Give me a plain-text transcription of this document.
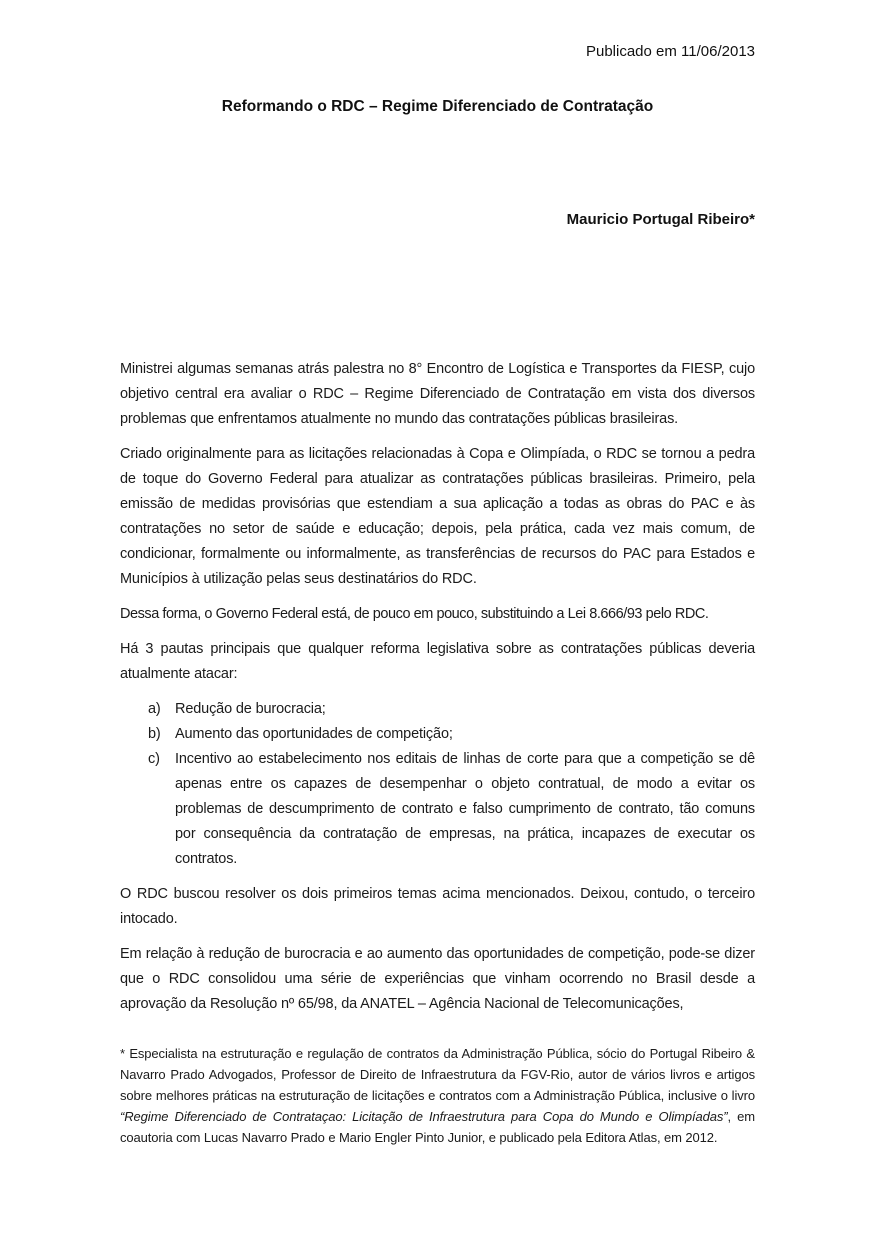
Publicado em 11/06/2013
Reformando o RDC – Regime Diferenciado de Contratação
Mauricio Portugal Ribeiro*

Ministrei algumas semanas atrás palestra no 8° Encontro de Logística e Transportes da FIESP, cujo objetivo central era avaliar o RDC – Regime Diferenciado de Contratação em vista dos diversos problemas que enfrentamos atualmente no mundo das contratações públicas brasileiras.

Criado originalmente para as licitações relacionadas à Copa e Olimpíada, o RDC se tornou a pedra de toque do Governo Federal para atualizar as contratações públicas brasileiras. Primeiro, pela emissão de medidas provisórias que estendiam a sua aplicação a todas as obras do PAC e às contratações no setor de saúde e educação; depois, pela prática, cada vez mais comum, de condicionar, formalmente ou informalmente, as transferências de recursos do PAC para Estados e Municípios à utilização pelas seus destinatários do RDC.

Dessa forma, o Governo Federal está, de pouco em pouco, substituindo a Lei 8.666/93 pelo RDC.

Há 3 pautas principais que qualquer reforma legislativa sobre as contratações públicas deveria atualmente atacar:

a) Redução de burocracia;
b) Aumento das oportunidades de competição;
c)	Incentivo ao estabelecimento nos editais de linhas de corte para que a competição se dê apenas entre os capazes de desempenhar o objeto contratual, de modo a evitar os problemas de descumprimento de contrato e falso cumprimento de contrato, tão comuns por consequência da contratação de empresas, na prática, incapazes de executar os contratos.

O RDC buscou resolver os dois primeiros temas acima mencionados. Deixou, contudo, o terceiro intocado.

Em relação à redução de burocracia e ao aumento das oportunidades de competição, pode-se dizer que o RDC consolidou uma série de experiências que vinham ocorrendo no Brasil desde a aprovação da Resolução nº 65/98, da ANATEL – Agência Nacional de Telecomunicações,

* Especialista na estruturação e regulação de contratos da Administração Pública, sócio do Portugal Ribeiro & Navarro Prado Advogados, Professor de Direito de Infraestrutura da FGV-Rio, autor de vários livros e artigos sobre melhores práticas na estruturação de licitações e contratos com a Administração Pública, inclusive o livro “Regime Diferenciado de Contrataçao: Licitação de Infraestrutura para Copa do Mundo e Olimpíadas”, em coautoria com Lucas Navarro Prado e Mario Engler Pinto Junior, e publicado pela Editora Atlas, em 2012.
